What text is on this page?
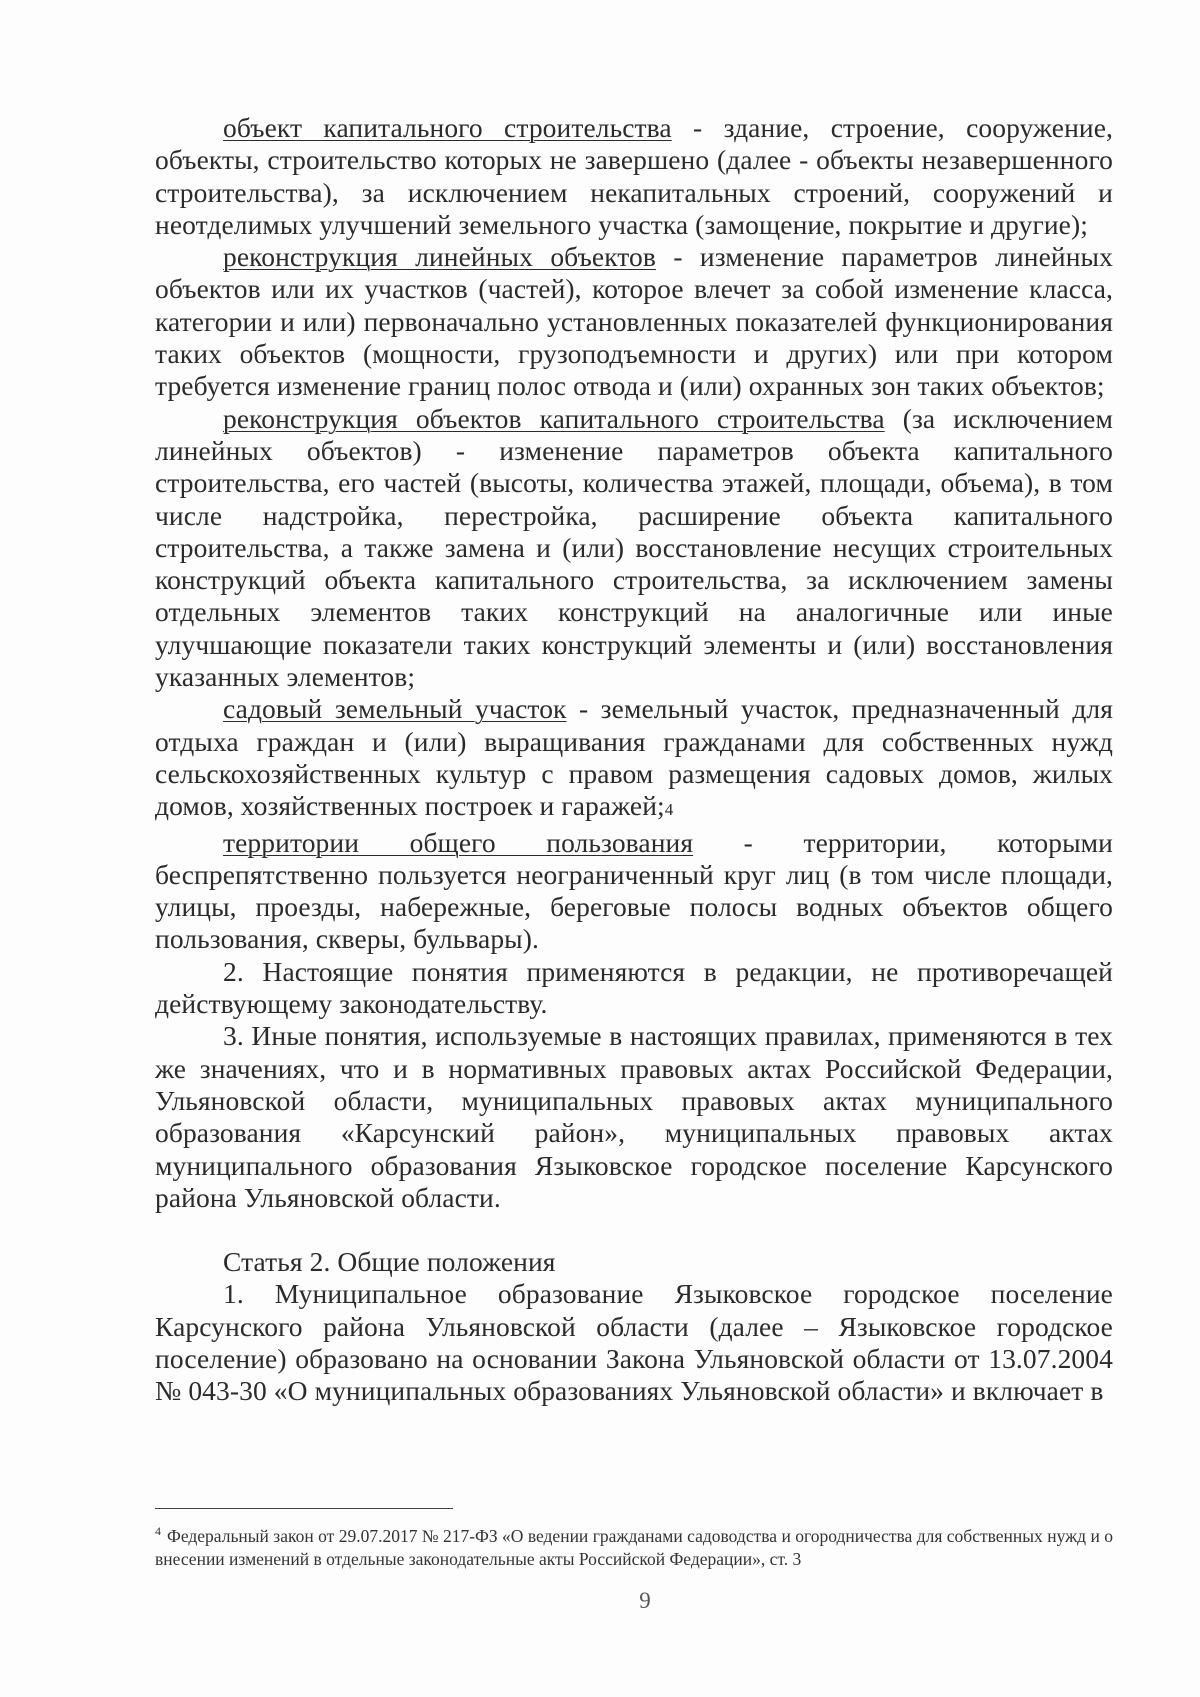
объект капитального строительства - здание, строение, сооружение, объекты, строительство которых не завершено (далее - объекты незавершенного строительства), за исключением некапитальных строений, сооружений и неотделимых улучшений земельного участка (замощение, покрытие и другие);

реконструкция линейных объектов - изменение параметров линейных объектов или их участков (частей), которое влечет за собой изменение класса, категории и или) первоначально установленных показателей функционирования таких объектов (мощности, грузоподъемности и других) или при котором требуется изменение границ полос отвода и (или) охранных зон таких объектов;

реконструкция объектов капитального строительства (за исключением линейных объектов) - изменение параметров объекта капитального строительства, его частей (высоты, количества этажей, площади, объема), в том числе надстройка, перестройка, расширение объекта капитального строительства, а также замена и (или) восстановление несущих строительных конструкций объекта капитального строительства, за исключением замены отдельных элементов таких конструкций на аналогичные или иные улучшающие показатели таких конструкций элементы и (или) восстановления указанных элементов;

садовый земельный участок - земельный участок, предназначенный для отдыха граждан и (или) выращивания гражданами для собственных нужд сельскохозяйственных культур с правом размещения садовых домов, жилых домов, хозяйственных построек и гаражей;4

территории общего пользования - территории, которыми беспрепятственно пользуется неограниченный круг лиц (в том числе площади, улицы, проезды, набережные, береговые полосы водных объектов общего пользования, скверы, бульвары).

2. Настоящие понятия применяются в редакции, не противоречащей действующему законодательству.

3. Иные понятия, используемые в настоящих правилах, применяются в тех же значениях, что и в нормативных правовых актах Российской Федерации, Ульяновской области, муниципальных правовых актах муниципального образования «Карсунский район», муниципальных правовых актах муниципального образования Языковское городское поселение Карсунского района Ульяновской области.

Статья 2. Общие положения

1. Муниципальное образование Языковское городское поселение Карсунского района Ульяновской области (далее – Языковское городское поселение) образовано на основании Закона Ульяновской области от 13.07.2004 № 043-30 «О муниципальных образованиях Ульяновской области» и включает в

$^4$ Федеральный закон от 29.07.2017 № 217-ФЗ «О ведении гражданами садоводства и огородничества для собственных нужд и о внесении изменений в отдельные законодательные акты Российской Федерации», ст. 3
9
